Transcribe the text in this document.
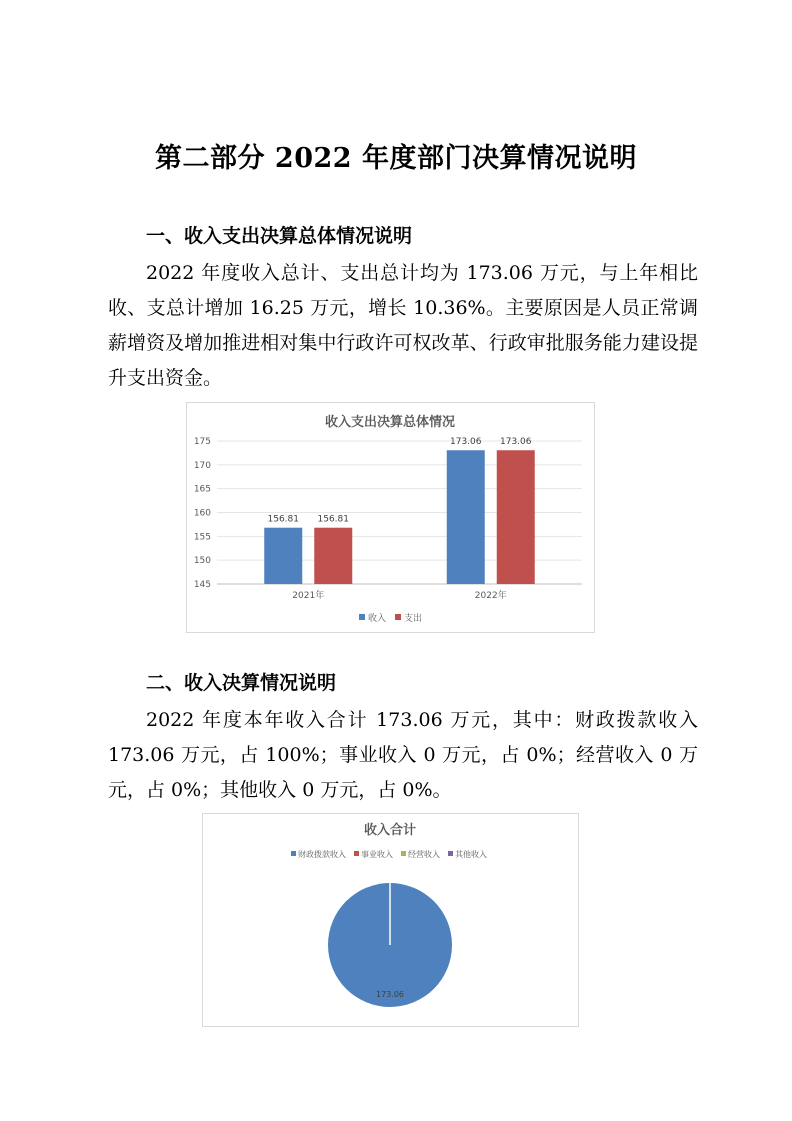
第二部分 2022 年度部门决算情况说明
一、收入支出决算总体情况说明

2022 年度收入总计、支出总计均为 173.06 万元，与上年相比收、支总计增加 16.25 万元，增长 10.36%。主要原因是人员正常调薪增资及增加推进相对集中行政许可权改革、行政审批服务能力建设提升支出资金。

收入支出决算总体情况
145
150
155
160
165
170
175
156.81 156.81
2021年
173.06 173.06
2022年
收入 支出
二、收入决算情况说明

2022 年度本年收入合计 173.06 万元，其中：财政拨款收入 173.06 万元，占 100%；事业收入 0 万元，占 0%；经营收入 0 万元，占 0%；其他收入 0 万元，占 0%。

收入合计
财政拨款收入 事业收入 经营收入 其他收入
173.06
